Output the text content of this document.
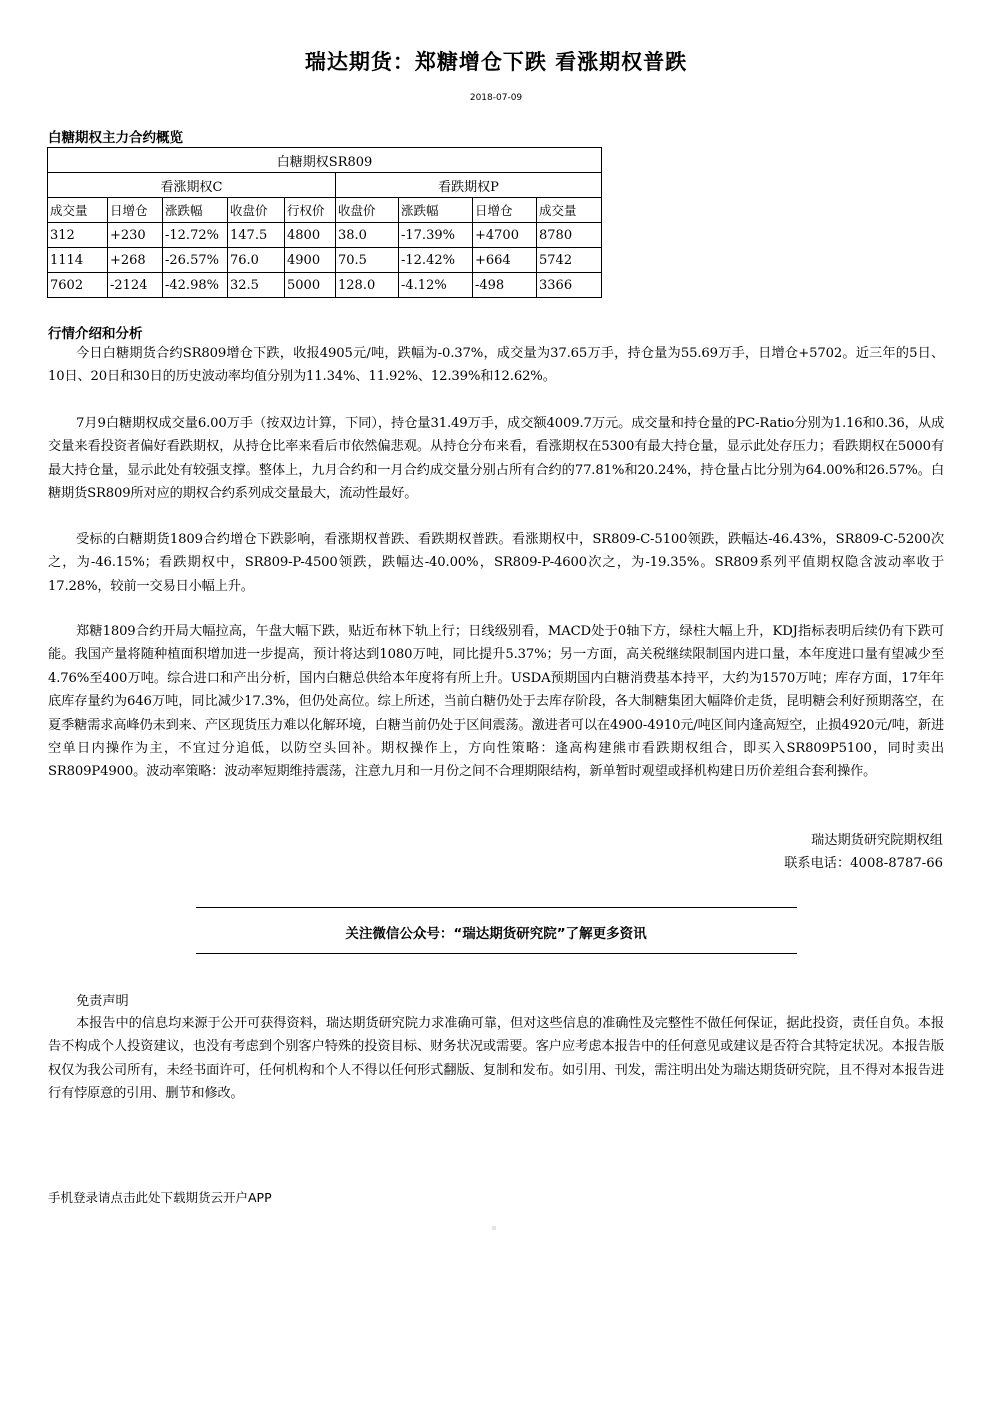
瑞达期货：郑糖增仓下跌 看涨期权普跌
2018-07-09
白糖期权主力合约概览
白糖期权SR809								
看涨期权C					看跌期权P			
成交量	日增仓	涨跌幅	收盘价	行权价	收盘价	涨跌幅	日增仓	成交量
312	+230	-12.72%	147.5	4800	38.0	-17.39%	+4700	8780
1114	+268	-26.57%	76.0	4900	70.5	-12.42%	+664	5742
7602	-2124	-42.98%	32.5	5000	128.0	-4.12%	-498	3366
行情介绍和分析
今日白糖期货合约SR809增仓下跌，收报4905元/吨，跌幅为-0.37%，成交量为37.65万手，持仓量为55.69万手，日增仓+5702。近三年的5日、10日、20日和30日的历史波动率均值分别为11.34%、11.92%、12.39%和12.62%。
7月9白糖期权成交量6.00万手（按双边计算，下同），持仓量31.49万手，成交额4009.7万元。成交量和持仓量的PC-Ratio分别为1.16和0.36，从成交量来看投资者偏好看跌期权，从持仓比率来看后市依然偏悲观。从持仓分布来看，看涨期权在5300有最大持仓量，显示此处存压力；看跌期权在5000有最大持仓量，显示此处有较强支撑。整体上，九月合约和一月合约成交量分别占所有合约的77.81%和20.24%，持仓量占比分别为64.00%和26.57%。白糖期货SR809所对应的期权合约系列成交量最大，流动性最好。
受标的白糖期货1809合约增仓下跌影响，看涨期权普跌、看跌期权普跌。看涨期权中，SR809-C-5100领跌，跌幅达-46.43%，SR809-C-5200次之，为-46.15%；看跌期权中，SR809-P-4500领跌，跌幅达-40.00%，SR809-P-4600次之，为-19.35%。SR809系列平值期权隐含波动率收于17.28%，较前一交易日小幅上升。
郑糖1809合约开局大幅拉高，午盘大幅下跌，贴近布林下轨上行；日线级别看，MACD处于0轴下方，绿柱大幅上升，KDJ指标表明后续仍有下跌可能。我国产量将随种植面积增加进一步提高，预计将达到1080万吨，同比提升5.37%；另一方面，高关税继续限制国内进口量，本年度进口量有望减少至4.76%至400万吨。综合进口和产出分析，国内白糖总供给本年度将有所上升。USDA预期国内白糖消费基本持平，大约为1570万吨；库存方面，17年年底库存量约为646万吨，同比减少17.3%，但仍处高位。综上所述，当前白糖仍处于去库存阶段，各大制糖集团大幅降价走货，昆明糖会利好预期落空，在夏季糖需求高峰仍未到来、产区现货压力难以化解环境，白糖当前仍处于区间震荡。激进者可以在4900-4910元/吨区间内逢高短空，止损4920元/吨，新进空单日内操作为主，不宜过分追低，以防空头回补。期权操作上，方向性策略：逢高构建熊市看跌期权组合，即买入SR809P5100，同时卖出SR809P4900。波动率策略：波动率短期维持震荡，注意九月和一月份之间不合理期限结构，新单暂时观望或择机构建日历价差组合套利操作。
瑞达期货研究院期权组
联系电话：4008-8787-66
关注微信公众号：“瑞达期货研究院”了解更多资讯
免责声明
本报告中的信息均来源于公开可获得资料，瑞达期货研究院力求准确可靠，但对这些信息的准确性及完整性不做任何保证，据此投资，责任自负。本报告不构成个人投资建议，也没有考虑到个别客户特殊的投资目标、财务状况或需要。客户应考虑本报告中的任何意见或建议是否符合其特定状况。本报告版权仅为我公司所有，未经书面许可，任何机构和个人不得以任何形式翻版、复制和发布。如引用、刊发，需注明出处为瑞达期货研究院，且不得对本报告进行有悖原意的引用、删节和修改。
手机登录请点击此处下载期货云开户APP
